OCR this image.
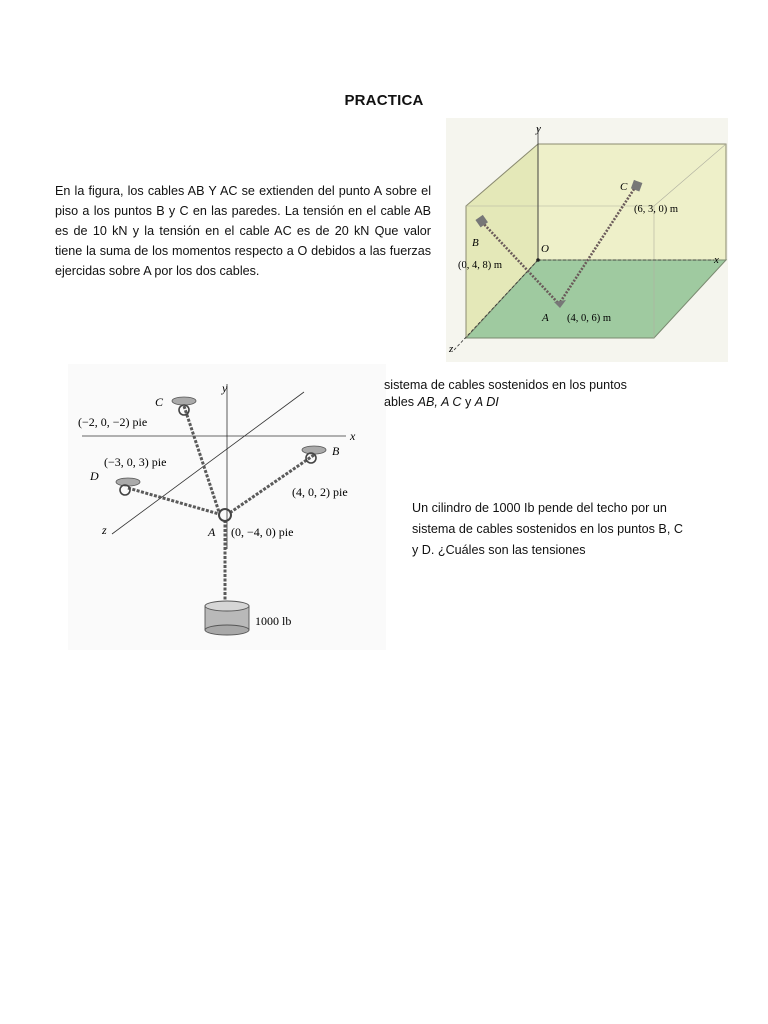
PRACTICA
En la figura, los cables AB Y AC se extienden del punto A sobre el piso a los puntos B y C en las paredes. La tensión en el cable AB es de 10 kN y la tensión en el cable AC es de 20 kN Que valor tiene la suma de los momentos respecto a O debidos a las fuerzas ejercidas sobre A por los dos cables.
y
x
z
O
B
(0, 4, 8) m
C
(6, 3, 0) m
A (4, 0, 6) m
y
x
z
C
(−2, 0, −2) pie
(−3, 0, 3) pie
D
B
(4, 0, 2) pie
A (0, −4, 0) pie
1000 lb
sistema de cables sostenidos en los puntos
ables AB, A C y A DI
Un cilindro de 1000 Ib pende del techo por un sistema de cables sostenidos en los puntos B, C y D. ¿Cuáles son las tensiones
